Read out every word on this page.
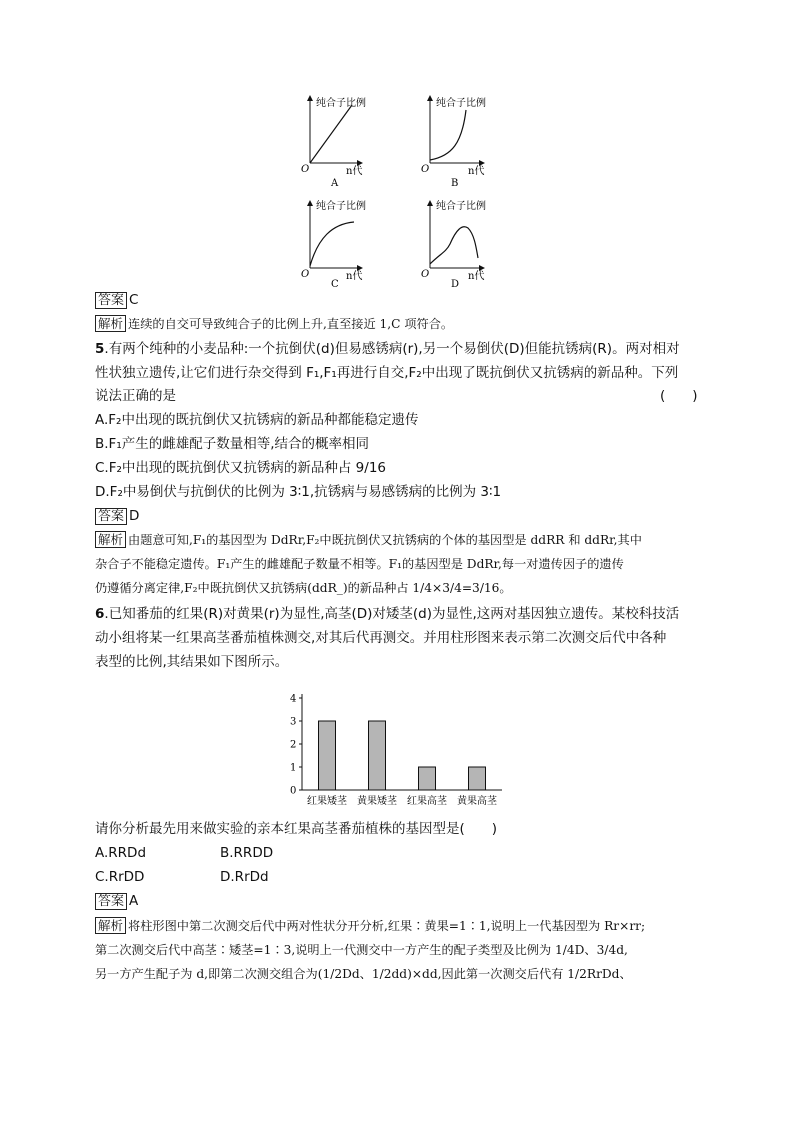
纯合子比例
O	n代
A
纯合子比例
O	n代
B
纯合子比例
O	n代
C
纯合子比例
O	n代
D
答案 C
解析 连续的自交可导致纯合子的比例上升,直至接近 1,C 项符合。
5.有两个纯种的小麦品种:一个抗倒伏(d)但易感锈病(r),另一个易倒伏(D)但能抗锈病(R)。两对相对
性状独立遗传,让它们进行杂交得到 F₁,F₁再进行自交,F₂中出现了既抗倒伏又抗锈病的新品种。下列
说法正确的是	(　　)
A.F₂中出现的既抗倒伏又抗锈病的新品种都能稳定遗传
B.F₁产生的雌雄配子数量相等,结合的概率相同
C.F₂中出现的既抗倒伏又抗锈病的新品种占 9/16
D.F₂中易倒伏与抗倒伏的比例为 3∶1,抗锈病与易感锈病的比例为 3∶1
答案 D
解析 由题意可知,F₁的基因型为 DdRr,F₂中既抗倒伏又抗锈病的个体的基因型是 ddRR 和 ddRr,其中
杂合子不能稳定遗传。F₁产生的雌雄配子数量不相等。F₁的基因型是 DdRr,每一对遗传因子的遗传
仍遵循分离定律,F₂中既抗倒伏又抗锈病(ddR_)的新品种占 1/4×3/4=3/16。
6.已知番茄的红果(R)对黄果(r)为显性,高茎(D)对矮茎(d)为显性,这两对基因独立遗传。某校科技活
动小组将某一红果高茎番茄植株测交,对其后代再测交。并用柱形图来表示第二次测交后代中各种
表型的比例,其结果如下图所示。
0
1
2
3
4
红果矮茎 黄果矮茎 红果高茎 黄果高茎
请你分析最先用来做实验的亲本红果高茎番茄植株的基因型是(　　)
A.RRDd	B.RRDD
C.RrDD	D.RrDd
答案 A
解析 将柱形图中第二次测交后代中两对性状分开分析,红果∶黄果=1∶1,说明上一代基因型为 Rr×rr;
第二次测交后代中高茎∶矮茎=1∶3,说明上一代测交中一方产生的配子类型及比例为 1/4D、3/4d,
另一方产生配子为 d,即第二次测交组合为(1/2Dd、1/2dd)×dd,因此第一次测交后代有 1/2RrDd、
